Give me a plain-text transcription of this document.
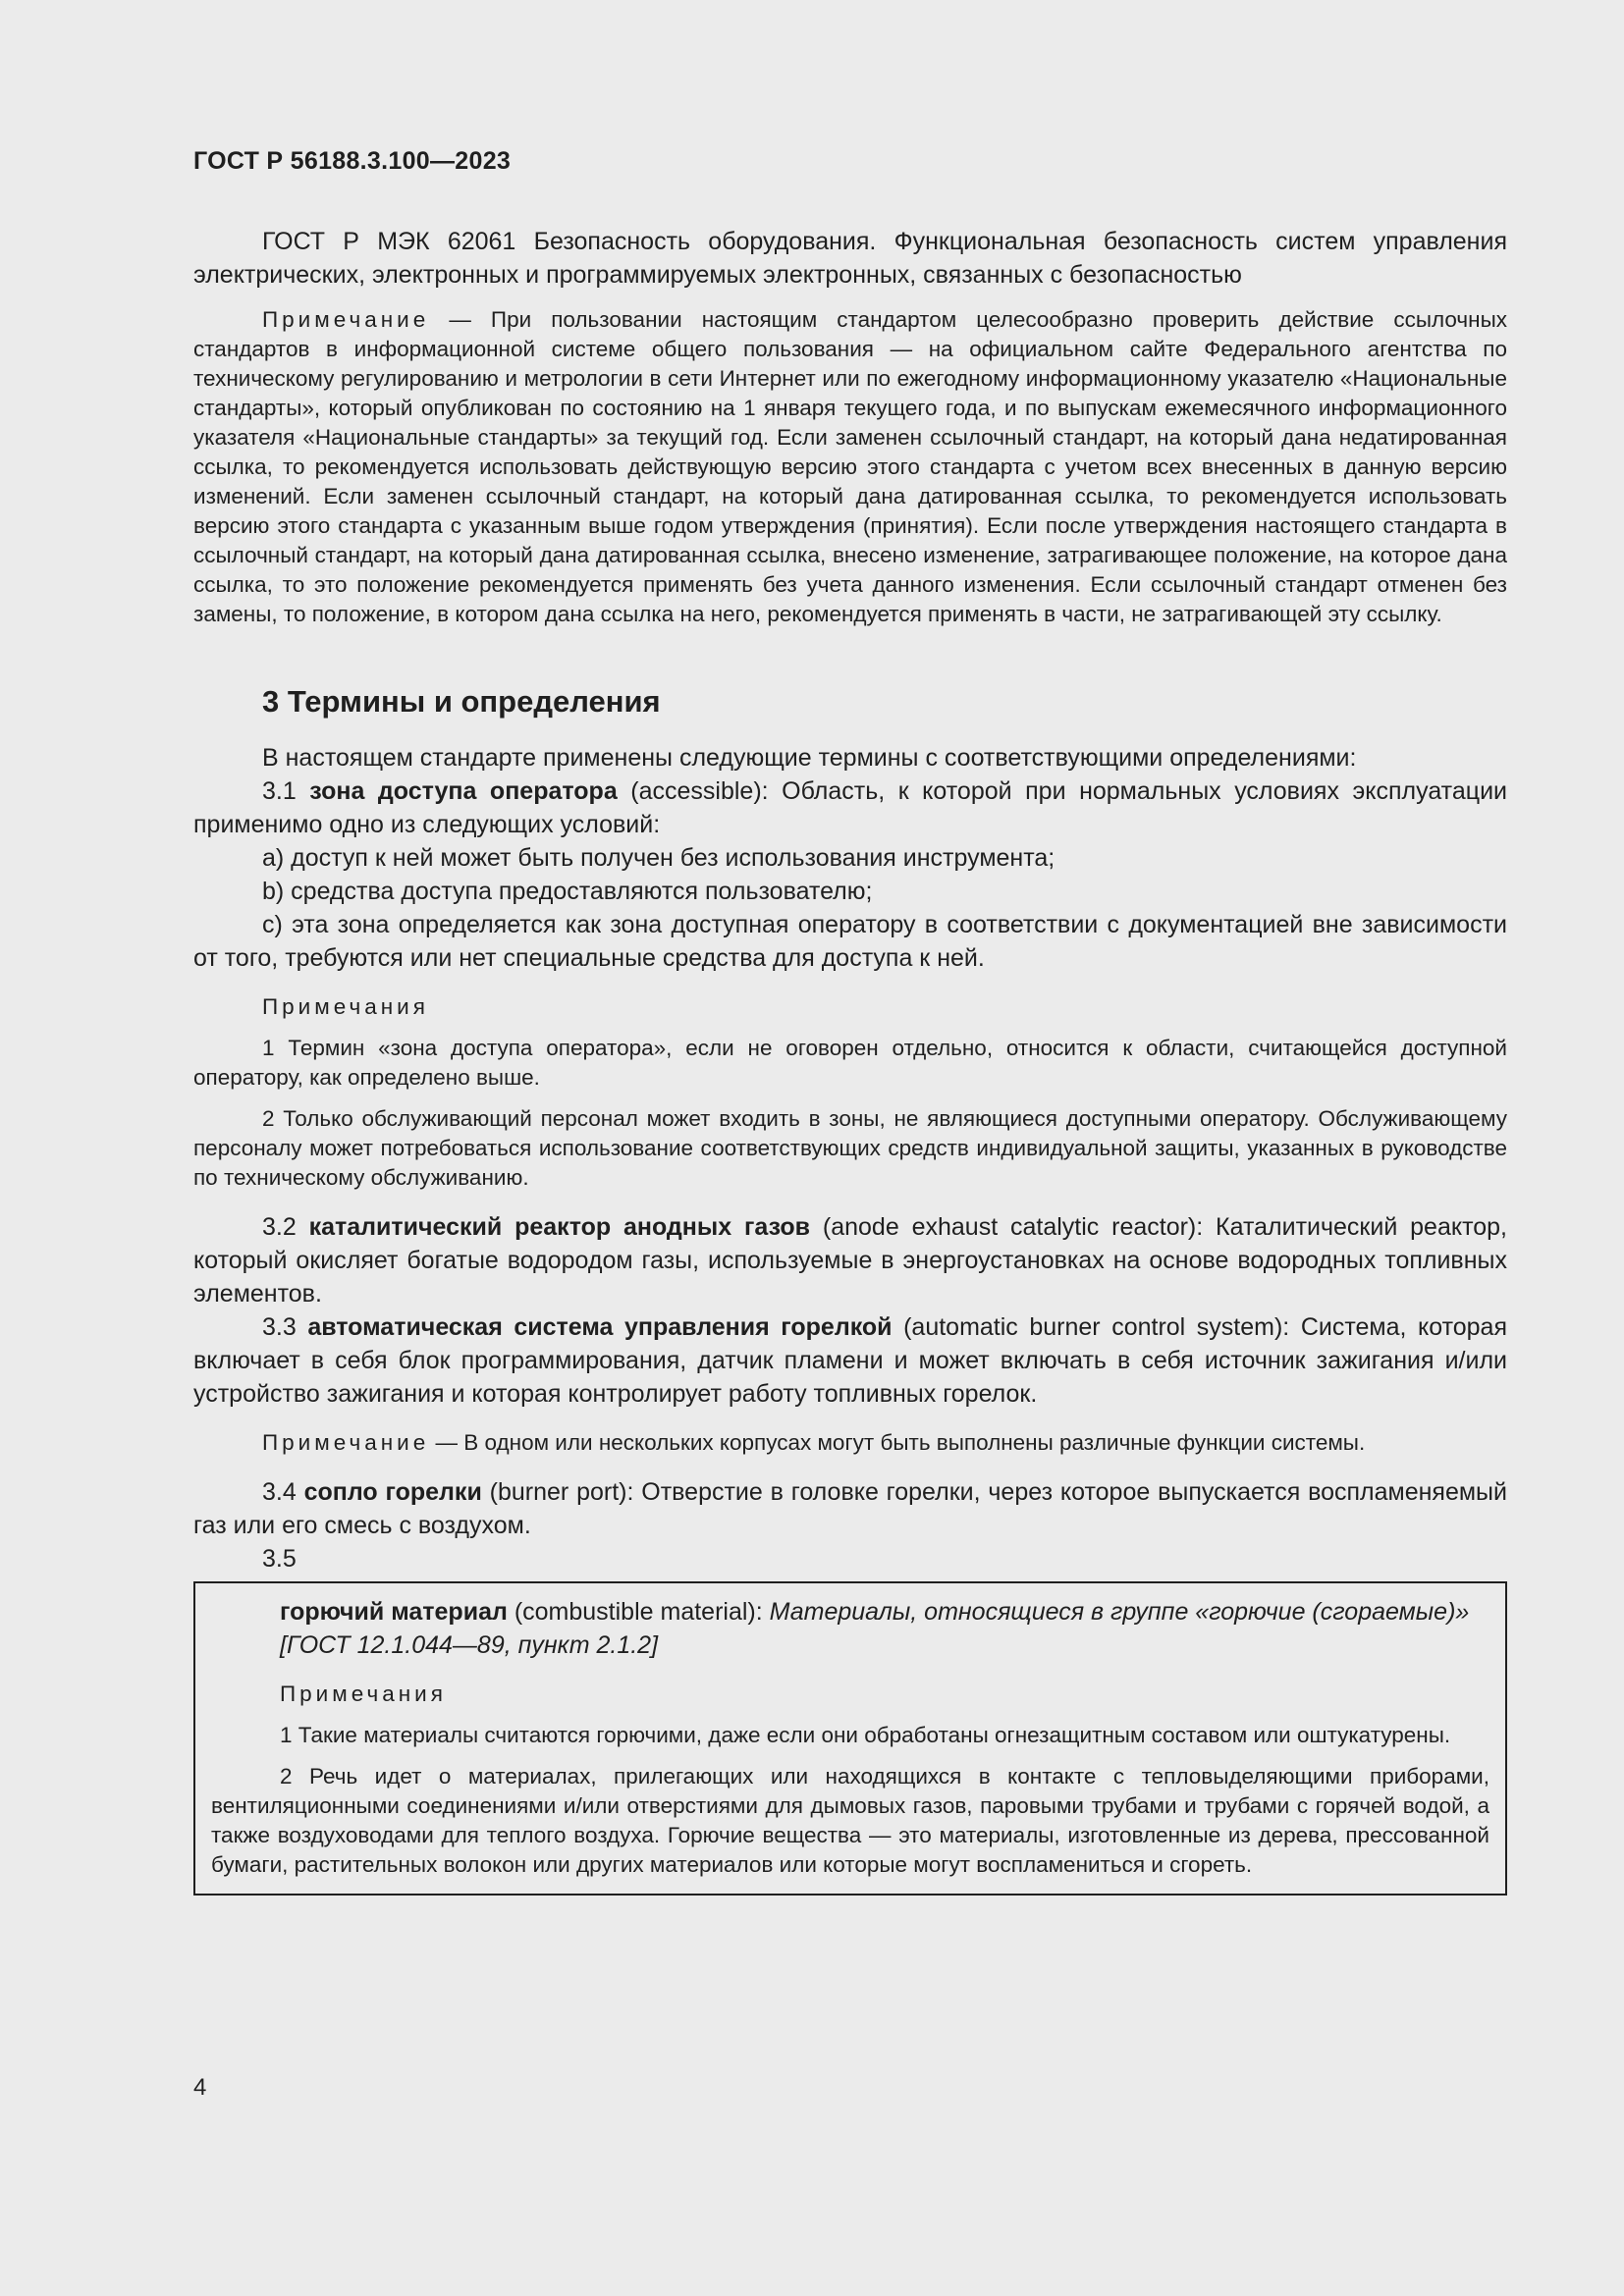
ГОСТ Р 56188.3.100—2023

ГОСТ Р МЭК 62061 Безопасность оборудования. Функциональная безопасность систем управления электрических, электронных и программируемых электронных, связанных с безопасностью

Примечание — При пользовании настоящим стандартом целесообразно проверить действие ссылочных стандартов в информационной системе общего пользования — на официальном сайте Федерального агентства по техническому регулированию и метрологии в сети Интернет или по ежегодному информационному указателю «Национальные стандарты», который опубликован по состоянию на 1 января текущего года, и по выпускам ежемесячного информационного указателя «Национальные стандарты» за текущий год. Если заменен ссылочный стандарт, на который дана недатированная ссылка, то рекомендуется использовать действующую версию этого стандарта с учетом всех внесенных в данную версию изменений. Если заменен ссылочный стандарт, на который дана датированная ссылка, то рекомендуется использовать версию этого стандарта с указанным выше годом утверждения (принятия). Если после утверждения настоящего стандарта в ссылочный стандарт, на который дана датированная ссылка, внесено изменение, затрагивающее положение, на которое дана ссылка, то это положение рекомендуется применять без учета данного изменения. Если ссылочный стандарт отменен без замены, то положение, в котором дана ссылка на него, рекомендуется применять в части, не затрагивающей эту ссылку.

3 Термины и определения

В настоящем стандарте применены следующие термины с соответствующими определениями:

3.1 зона доступа оператора (accessible): Область, к которой при нормальных условиях эксплуатации применимо одно из следующих условий:

a) доступ к ней может быть получен без использования инструмента;

b) средства доступа предоставляются пользователю;

c) эта зона определяется как зона доступная оператору в соответствии с документацией вне зависимости от того, требуются или нет специальные средства для доступа к ней.

Примечания

1 Термин «зона доступа оператора», если не оговорен отдельно, относится к области, считающейся доступной оператору, как определено выше.

2 Только обслуживающий персонал может входить в зоны, не являющиеся доступными оператору. Обслуживающему персоналу может потребоваться использование соответствующих средств индивидуальной защиты, указанных в руководстве по техническому обслуживанию.

3.2 каталитический реактор анодных газов (anode exhaust catalytic reactor): Каталитический реактор, который окисляет богатые водородом газы, используемые в энергоустановках на основе водородных топливных элементов.

3.3 автоматическая система управления горелкой (automatic burner control system): Система, которая включает в себя блок программирования, датчик пламени и может включать в себя источник зажигания и/или устройство зажигания и которая контролирует работу топливных горелок.

Примечание — В одном или нескольких корпусах могут быть выполнены различные функции системы.

3.4 сопло горелки (burner port): Отверстие в головке горелки, через которое выпускается воспламеняемый газ или его смесь с воздухом.

3.5

горючий материал (combustible material): Материалы, относящиеся в группе «горючие (сгораемые)»

[ГОСТ 12.1.044—89, пункт 2.1.2]

Примечания

1 Такие материалы считаются горючими, даже если они обработаны огнезащитным составом или оштукатурены.

2 Речь идет о материалах, прилегающих или находящихся в контакте с тепловыделяющими приборами, вентиляционными соединениями и/или отверстиями для дымовых газов, паровыми трубами и трубами с горячей водой, а также воздуховодами для теплого воздуха. Горючие вещества — это материалы, изготовленные из дерева, прессованной бумаги, растительных волокон или других материалов или которые могут воспламениться и сгореть.

4
